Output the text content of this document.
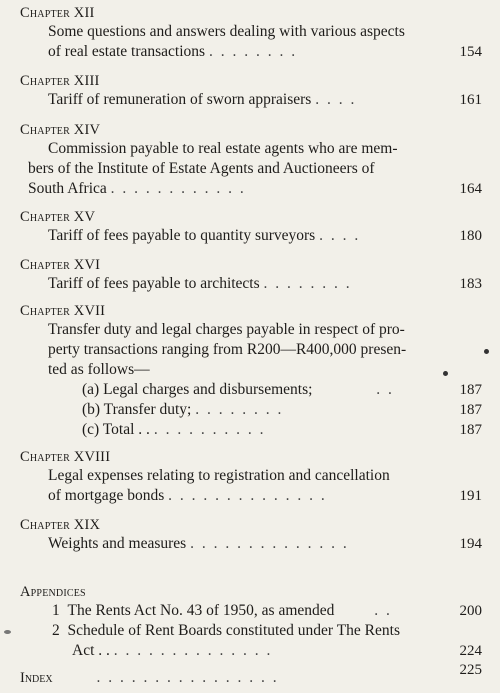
Chapter XII
Some questions and answers dealing with various aspects
of real estate transactions . . . . . . . .	154
Chapter XIII
Tariff of remuneration of sworn appraisers . . . .	161
Chapter XIV
Commission payable to real estate agents who are mem-
bers of the Institute of Estate Agents and Auctioneers of
South Africa . . . . . . . . . . . .	164
Chapter XV
Tariff of fees payable to quantity surveyors . . . .	180
Chapter XVI
Tariff of fees payable to architects . . . . . . . .	183
Chapter XVII
Transfer duty and legal charges payable in respect of pro-
perty transactions ranging from R200—R400,000 presen-
ted as follows—
(a) Legal charges and disbursements;	. .	187
(b) Transfer duty; . . . . . . . .	187
(c) Total . . . . . . . . . . . .	187
Chapter XVIII
Legal expenses relating to registration and cancellation
of mortgage bonds . . . . . . . . . . . . . .	191
Chapter XIX
Weights and measures . . . . . . . . . . . . . .	194
Appendices
1 The Rents Act No. 43 of 1950, as amended	. .	200
2 Schedule of Rent Boards constituted under The Rents
Act . . . . . . . . . . . . . . . .	224
Index	. . . . . . . . . . . . . . . .	225
